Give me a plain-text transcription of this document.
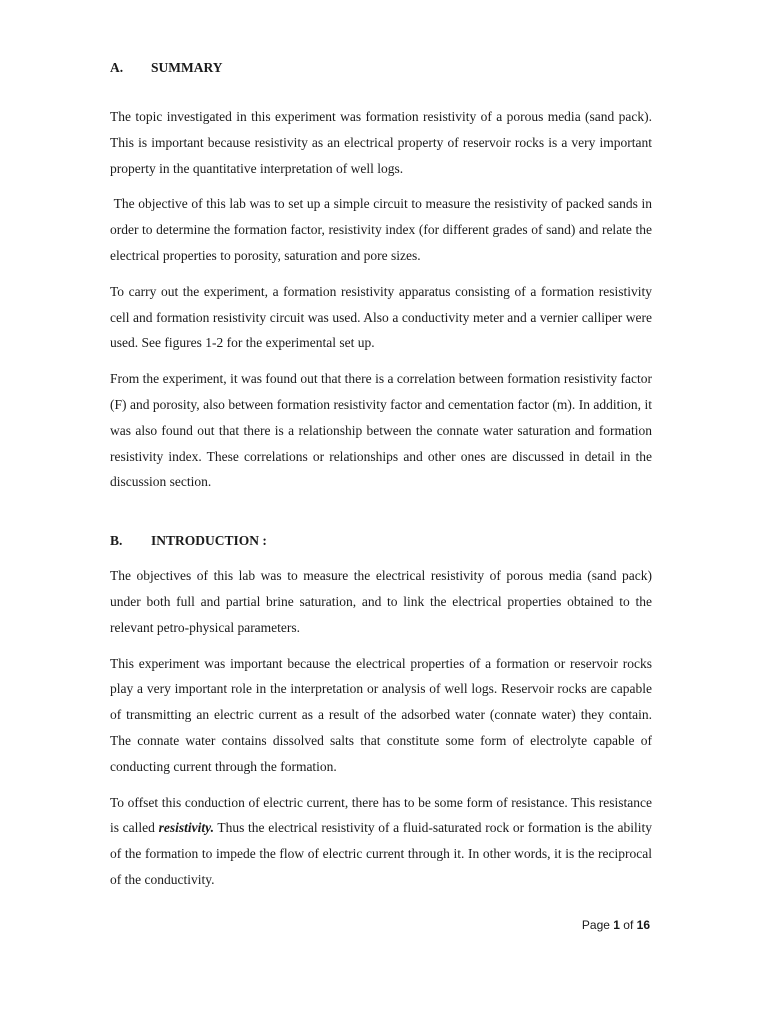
A.	SUMMARY

The topic investigated in this experiment was formation resistivity of a porous media (sand pack). This is important because resistivity as an electrical property of reservoir rocks is a very important property in the quantitative interpretation of well logs.

The objective of this lab was to set up a simple circuit to measure the resistivity of packed sands in order to determine the formation factor, resistivity index (for different grades of sand) and relate the electrical properties to porosity, saturation and pore sizes.

To carry out the experiment, a formation resistivity apparatus consisting of a formation resistivity cell and formation resistivity circuit was used. Also a conductivity meter and a vernier calliper were used. See figures 1-2 for the experimental set up.

From the experiment, it was found out that there is a correlation between formation resistivity factor (F) and porosity, also between formation resistivity factor and cementation factor (m). In addition, it was also found out that there is a relationship between the connate water saturation and formation resistivity index. These correlations or relationships and other ones are discussed in detail in the discussion section.

B.	INTRODUCTION :

The objectives of this lab was to measure the electrical resistivity of porous media (sand pack) under both full and partial brine saturation, and to link the electrical properties obtained to the relevant petro-physical parameters.

This experiment was important because the electrical properties of a formation or reservoir rocks play a very important role in the interpretation or analysis of well logs. Reservoir rocks are capable of transmitting an electric current as a result of the adsorbed water (connate water) they contain. The connate water contains dissolved salts that constitute some form of electrolyte capable of conducting current through the formation.

To offset this conduction of electric current, there has to be some form of resistance. This resistance is called resistivity. Thus the electrical resistivity of a fluid-saturated rock or formation is the ability of the formation to impede the flow of electric current through it. In other words, it is the reciprocal of the conductivity.

Page 1 of 16
